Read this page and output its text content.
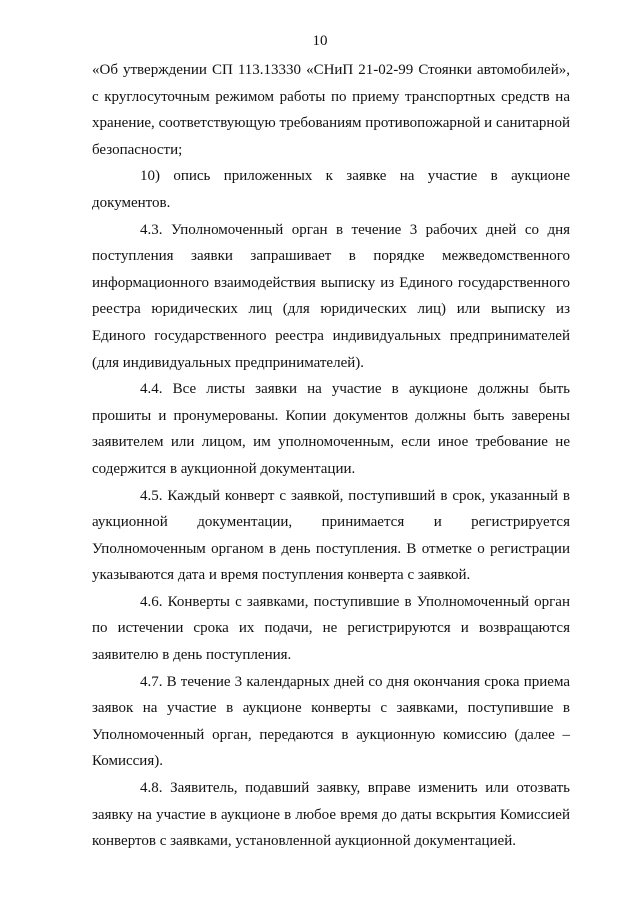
10

«Об утверждении СП 113.13330 «СНиП 21-02-99 Стоянки автомобилей», с круглосуточным режимом работы по приему транспортных средств на хранение, соответствующую требованиям противопожарной и санитарной безопасности;

10) опись приложенных к заявке на участие в аукционе документов.

4.3. Уполномоченный орган в течение 3 рабочих дней со дня поступления заявки запрашивает в порядке межведомственного информационного взаимодействия выписку из Единого государственного реестра юридических лиц (для юридических лиц) или выписку из Единого государственного реестра индивидуальных предпринимателей (для индивидуальных предпринимателей).

4.4. Все листы заявки на участие в аукционе должны быть прошиты и пронумерованы. Копии документов должны быть заверены заявителем или лицом, им уполномоченным, если иное требование не содержится в аукционной документации.

4.5. Каждый конверт с заявкой, поступивший в срок, указанный в аукционной документации, принимается и регистрируется Уполномоченным органом в день поступления. В отметке о регистрации указываются дата и время поступления конверта с заявкой.

4.6. Конверты с заявками, поступившие в Уполномоченный орган по истечении срока их подачи, не регистрируются и возвращаются заявителю в день поступления.

4.7. В течение 3 календарных дней со дня окончания срока приема заявок на участие в аукционе конверты с заявками, поступившие в Уполномоченный орган, передаются в аукционную комиссию (далее – Комиссия).

4.8. Заявитель, подавший заявку, вправе изменить или отозвать заявку на участие в аукционе в любое время до даты вскрытия Комиссией конвертов с заявками, установленной аукционной документацией.
